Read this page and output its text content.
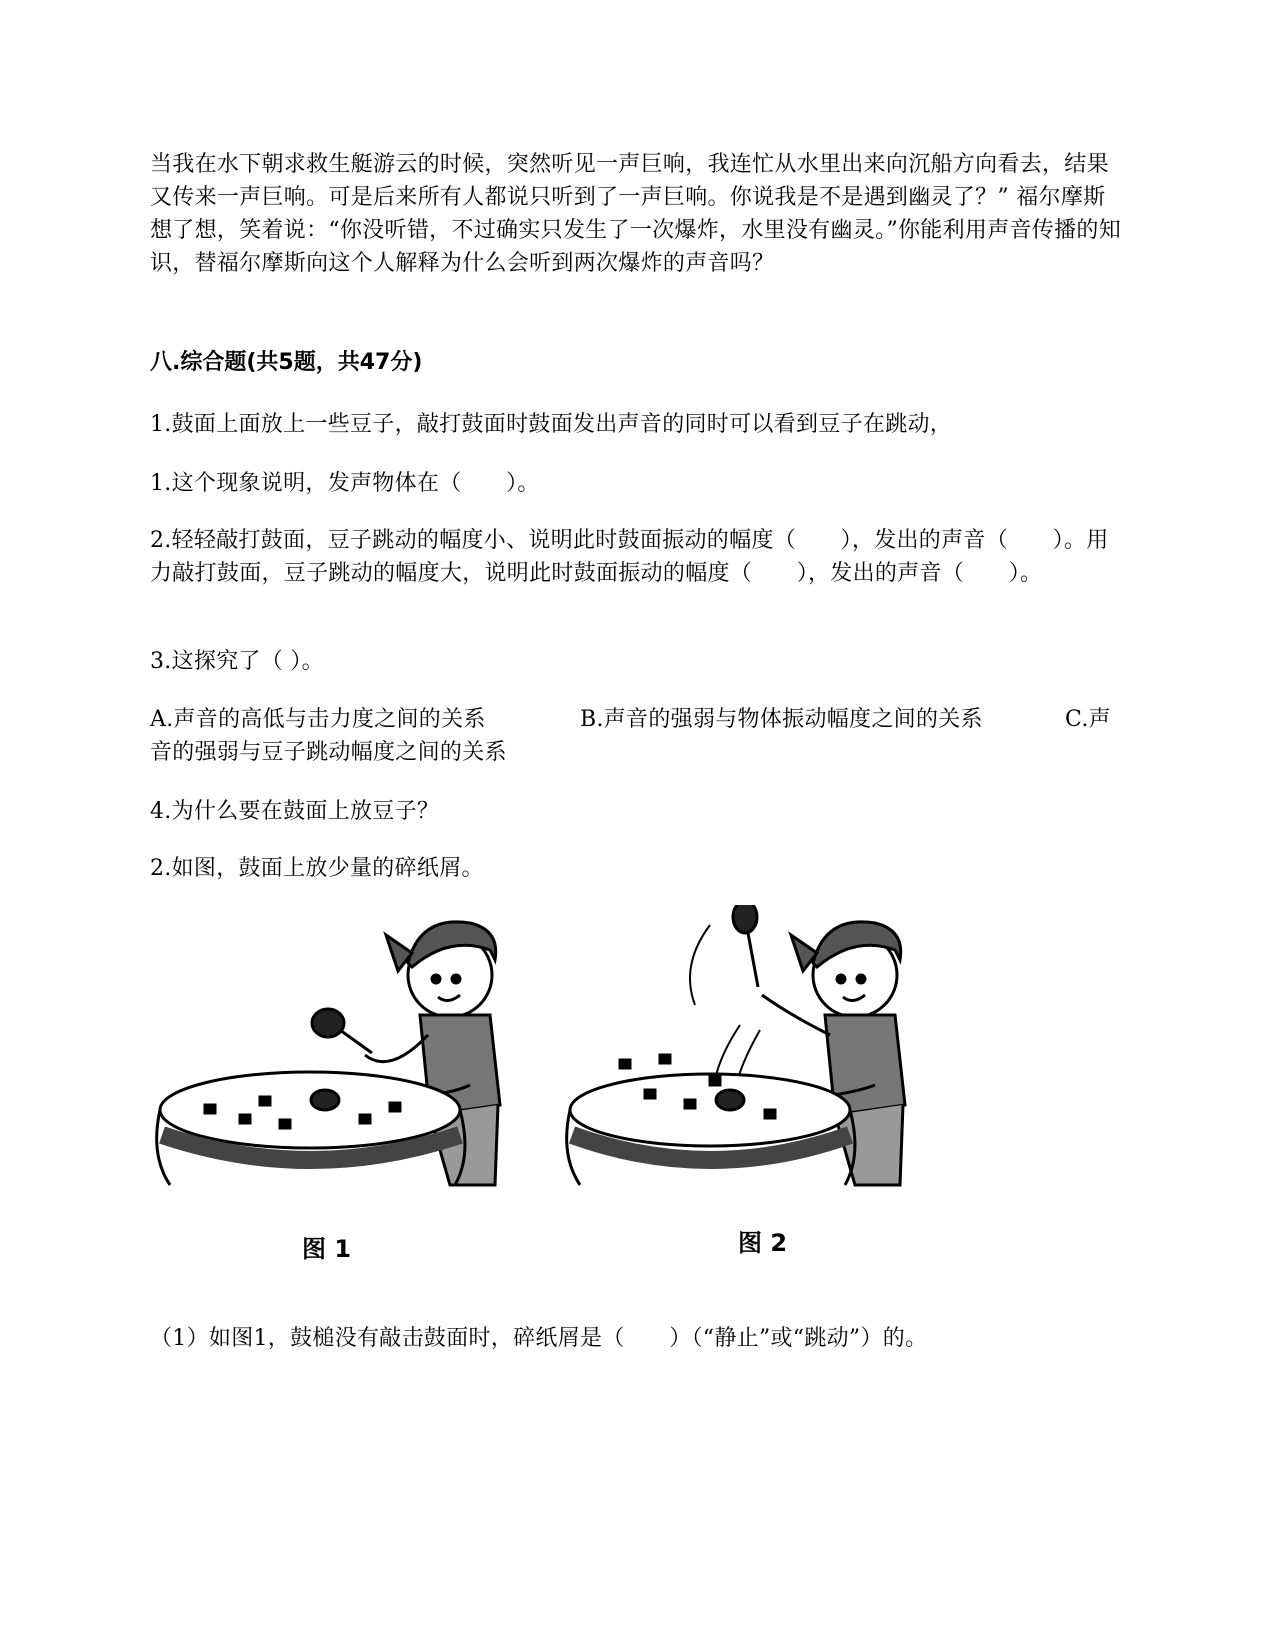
当我在水下朝求救生艇游云的时候，突然听见一声巨响，我连忙从水里出来向沉船方向看去，结果又传来一声巨响。可是后来所有人都说只听到了一声巨响。你说我是不是遇到幽灵了？” 福尔摩斯想了想，笑着说：“你没听错，不过确实只发生了一次爆炸，水里没有幽灵。”你能利用声音传播的知识，替福尔摩斯向这个人解释为什么会听到两次爆炸的声音吗？

八.综合题(共5题，共47分)

1.鼓面上面放上一些豆子，敲打鼓面时鼓面发出声音的同时可以看到豆子在跳动，

1.这个现象说明，发声物体在（　　）。

2.轻轻敲打鼓面，豆子跳动的幅度小、说明此时鼓面振动的幅度（　　），发出的声音（　　）。用力敲打鼓面，豆子跳动的幅度大，说明此时鼓面振动的幅度（　　），发出的声音（　　）。

3.这探究了（ ）。

A.声音的高低与击力度之间的关系	B.声音的强弱与物体振动幅度之间的关系	C.声音的强弱与豆子跳动幅度之间的关系

4.为什么要在鼓面上放豆子？

2.如图，鼓面上放少量的碎纸屑。

图 1	图 2

（1）如图1，鼓槌没有敲击鼓面时，碎纸屑是（　　）（“静止”或“跳动”）的。
